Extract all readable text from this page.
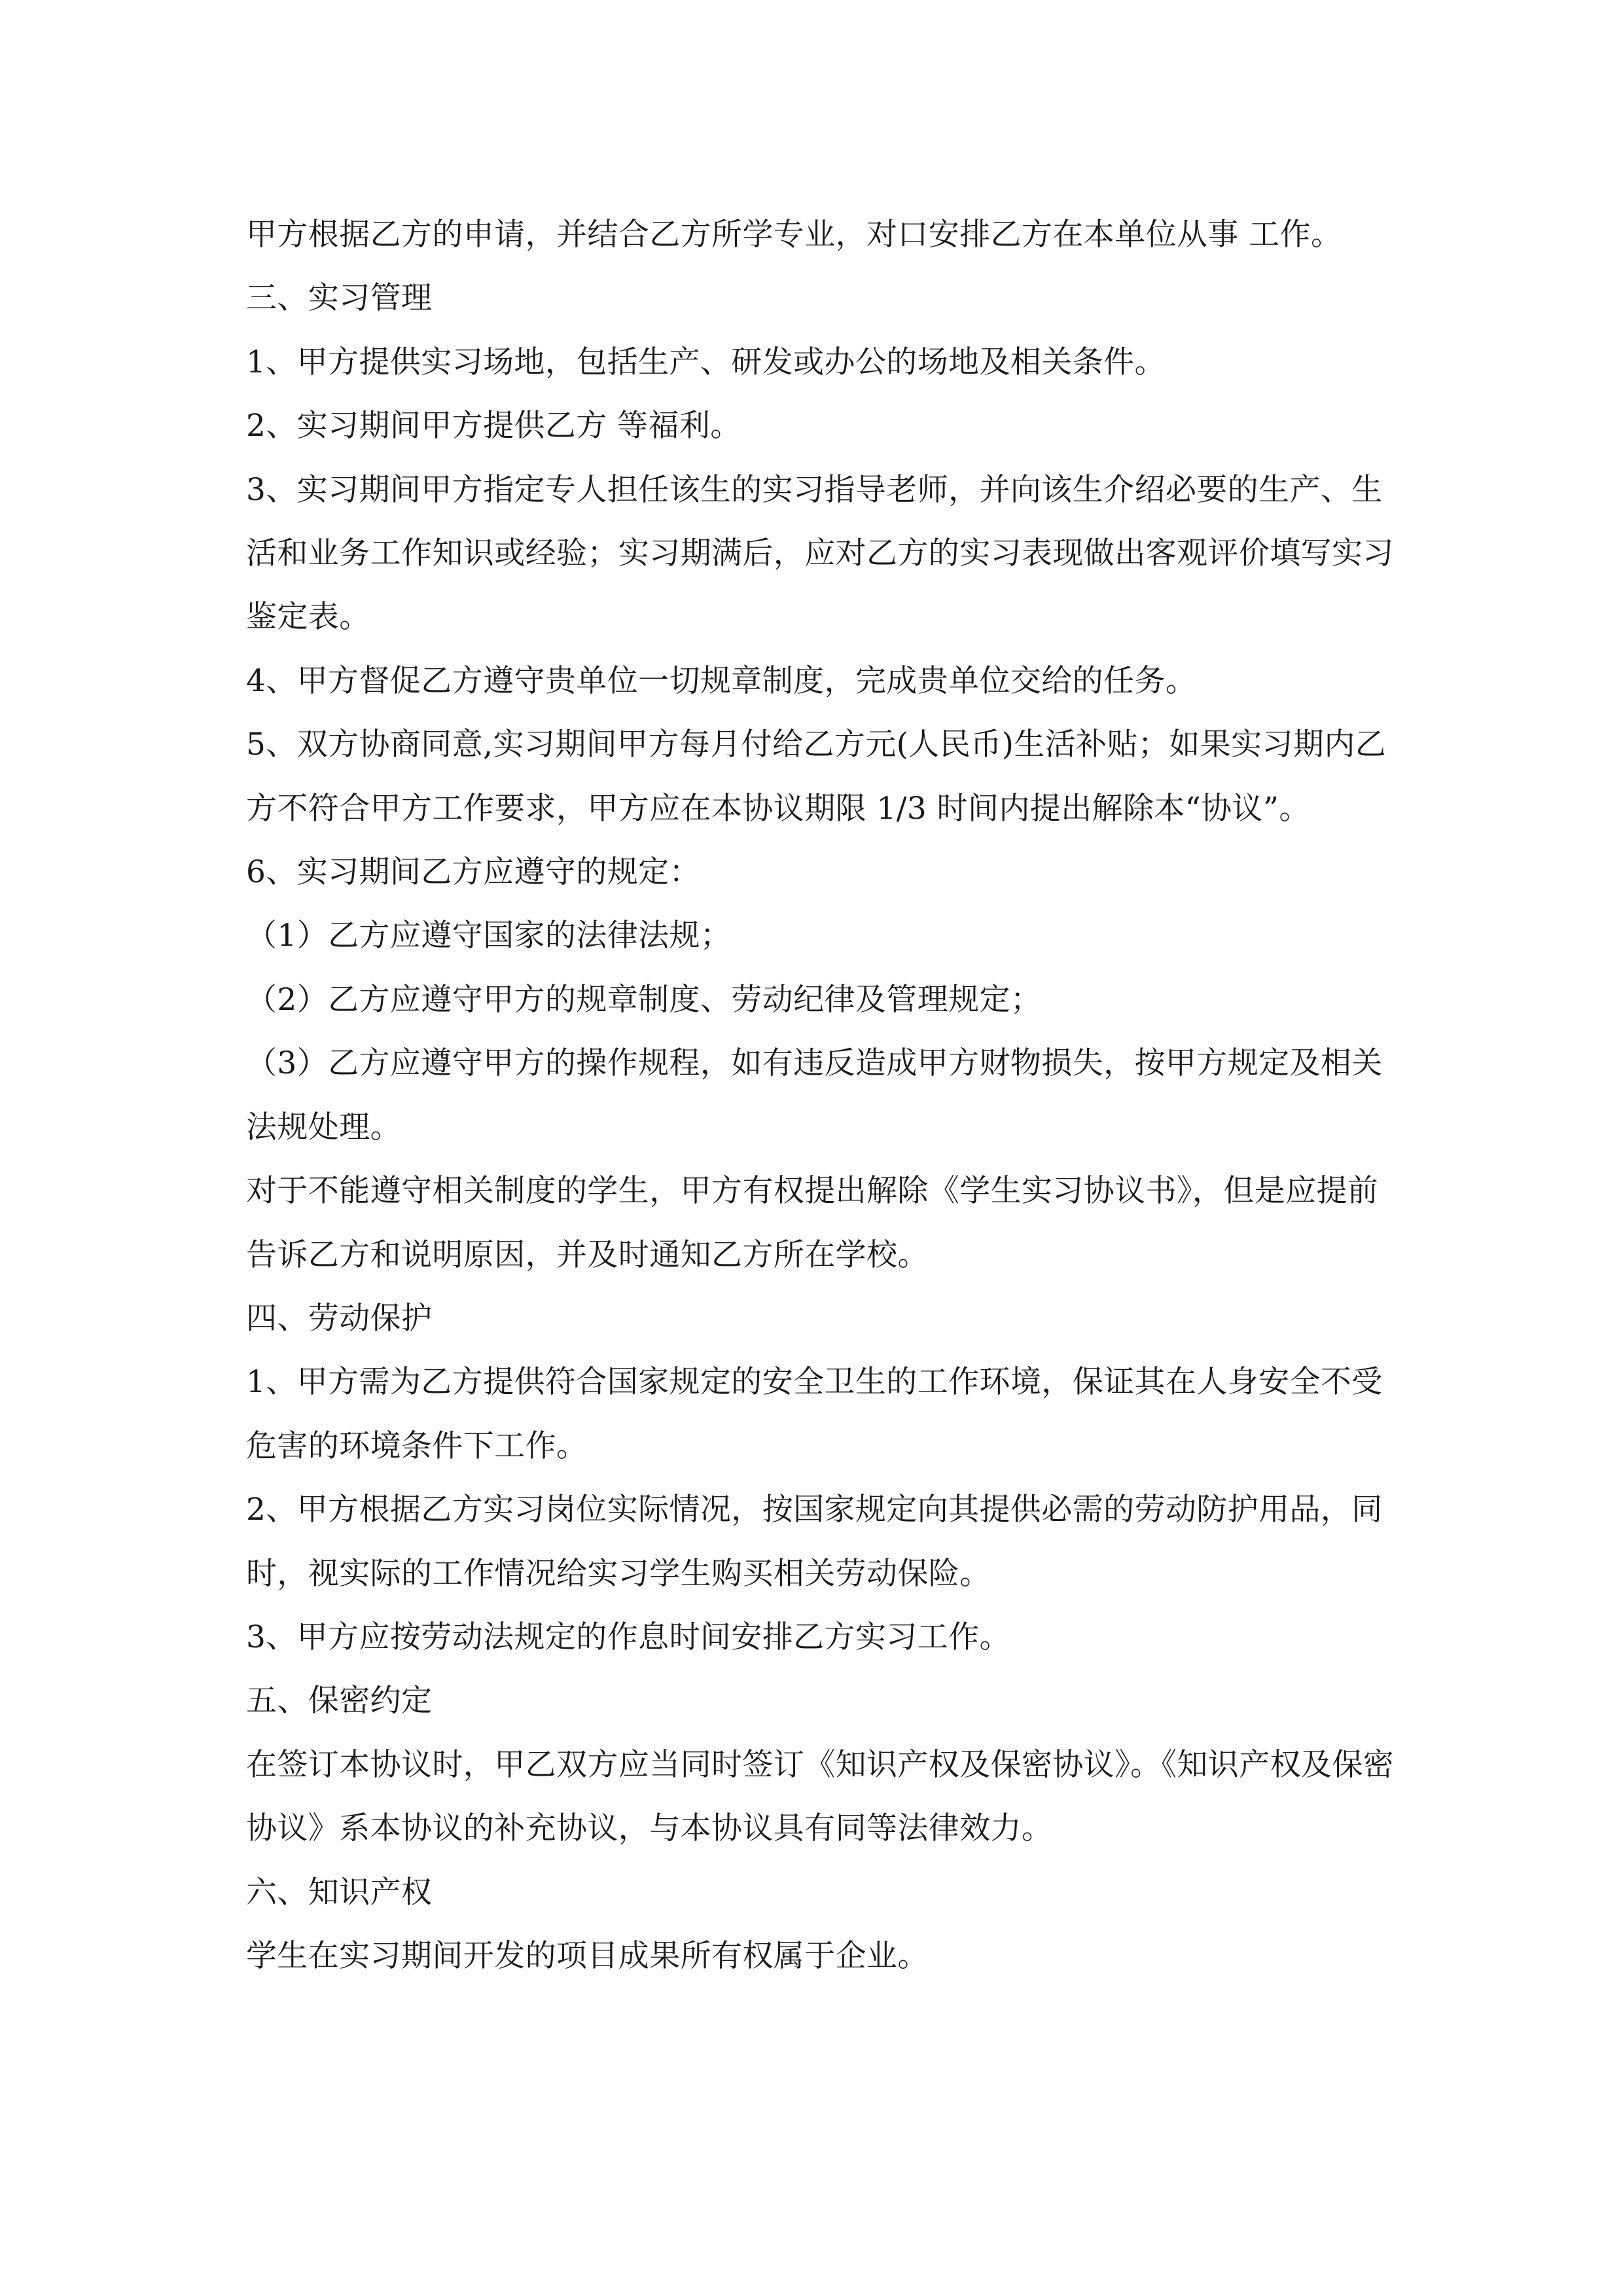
甲方根据乙方的申请，并结合乙方所学专业，对口安排乙方在本单位从事 工作。

三、实习管理

1、甲方提供实习场地，包括生产、研发或办公的场地及相关条件。

2、实习期间甲方提供乙方 等福利。

3、实习期间甲方指定专人担任该生的实习指导老师，并向该生介绍必要的生产、生活和业务工作知识或经验；实习期满后，应对乙方的实习表现做出客观评价填写实习鉴定表。

4、甲方督促乙方遵守贵单位一切规章制度，完成贵单位交给的任务。

5、双方协商同意,实习期间甲方每月付给乙方元(人民币)生活补贴；如果实习期内乙方不符合甲方工作要求，甲方应在本协议期限 1/3 时间内提出解除本“协议”。

6、实习期间乙方应遵守的规定：

（1）乙方应遵守国家的法律法规；

（2）乙方应遵守甲方的规章制度、劳动纪律及管理规定；

（3）乙方应遵守甲方的操作规程，如有违反造成甲方财物损失，按甲方规定及相关法规处理。

对于不能遵守相关制度的学生，甲方有权提出解除《学生实习协议书》，但是应提前告诉乙方和说明原因，并及时通知乙方所在学校。

四、劳动保护

1、甲方需为乙方提供符合国家规定的安全卫生的工作环境，保证其在人身安全不受危害的环境条件下工作。

2、甲方根据乙方实习岗位实际情况，按国家规定向其提供必需的劳动防护用品，同时，视实际的工作情况给实习学生购买相关劳动保险。

3、甲方应按劳动法规定的作息时间安排乙方实习工作。

五、保密约定

在签订本协议时，甲乙双方应当同时签订《知识产权及保密协议》。《知识产权及保密协议》系本协议的补充协议，与本协议具有同等法律效力。

六、知识产权

学生在实习期间开发的项目成果所有权属于企业。
